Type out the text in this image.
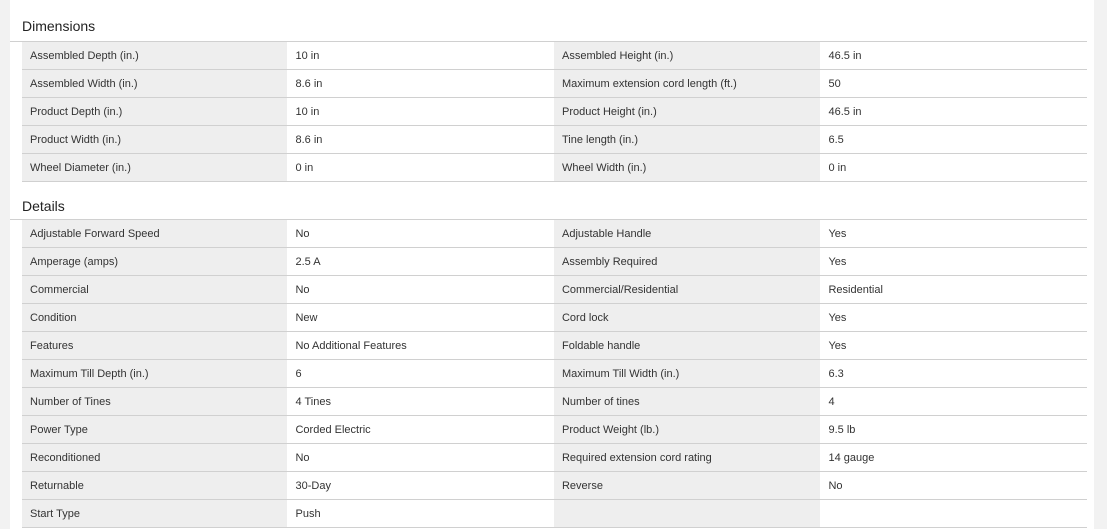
Dimensions
Assembled Depth (in.)	10 in	Assembled Height (in.)	46.5 in
Assembled Width (in.)	8.6 in	Maximum extension cord length (ft.)	50
Product Depth (in.)	10 in	Product Height (in.)	46.5 in
Product Width (in.)	8.6 in	Tine length (in.)	6.5
Wheel Diameter (in.)	0 in	Wheel Width (in.)	0 in
Details
Adjustable Forward Speed	No	Adjustable Handle	Yes
Amperage (amps)	2.5 A	Assembly Required	Yes
Commercial	No	Commercial/Residential	Residential
Condition	New	Cord lock	Yes
Features	No Additional Features	Foldable handle	Yes
Maximum Till Depth (in.)	6	Maximum Till Width (in.)	6.3
Number of Tines	4 Tines	Number of tines	4
Power Type	Corded Electric	Product Weight (lb.)	9.5 lb
Reconditioned	No	Required extension cord rating	14 gauge
Returnable	30-Day	Reverse	No
Start Type	Push		
